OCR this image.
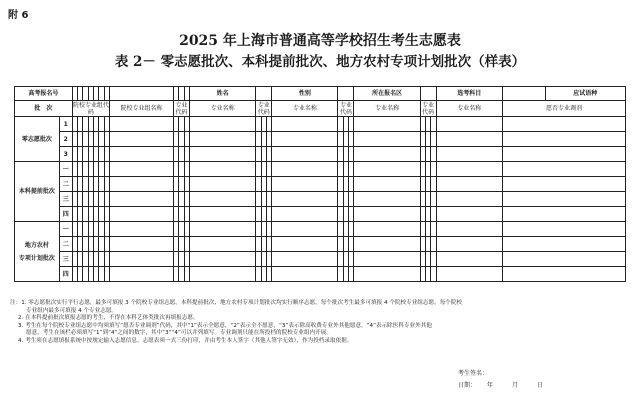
附 6
2025 年上海市普通高等学校招生考生志愿表
表 2－ 零志愿批次、本科提前批次、地方农村专项计划批次（样表）
高考报名号													姓名				性别				所在报名区				选考科目		应试语种
批　次		院校专业组代码							院校专业组名称	专业代码			专业名称	专业代码			专业名称	专业代码			专业名称	专业代码			专业名称	愿否专业调剂	
零志愿批次	1																										
	2																										
	3																										
本科提前批次	一																										
	二																										
	三																										
	四																										

地方农村
专项计划批次	一																										
	二																										
	三																										
	四																										
注：1. 零志愿批次实行平行志愿，最多可填报 3 个院校专业组志愿。本科提前批次、地方农村专项计划批次均实行顺序志愿，每个批次考生最多可填报 4 个院校专业组志愿。每个院校
专业组内最多可填报 4 个专业志愿。
2. 在本科提前批次填报志愿的考生，不得在本科艺体类批次再填报志愿。
3. 考生在每个院校专业组志愿中均须填写“愿否专业调剂”代码，其中“1”表示全愿意，“2”表示全不愿意，“3”表示除高收费专业外其他愿意，“4”表示除医科专业外其他
愿意。考生在该栏必须填写“1”到“4”之间的数字，其中“3”“4”可以并列填写。专业调剂只能在所投档的院校专业组内开展。
4. 考生须在志愿填报系统中按规定输入志愿信息。志愿表须一式三份打印，并由考生本人签字（其他人签字无效），作为投档录取依据。
考生签名：
日期： 年	月	日
